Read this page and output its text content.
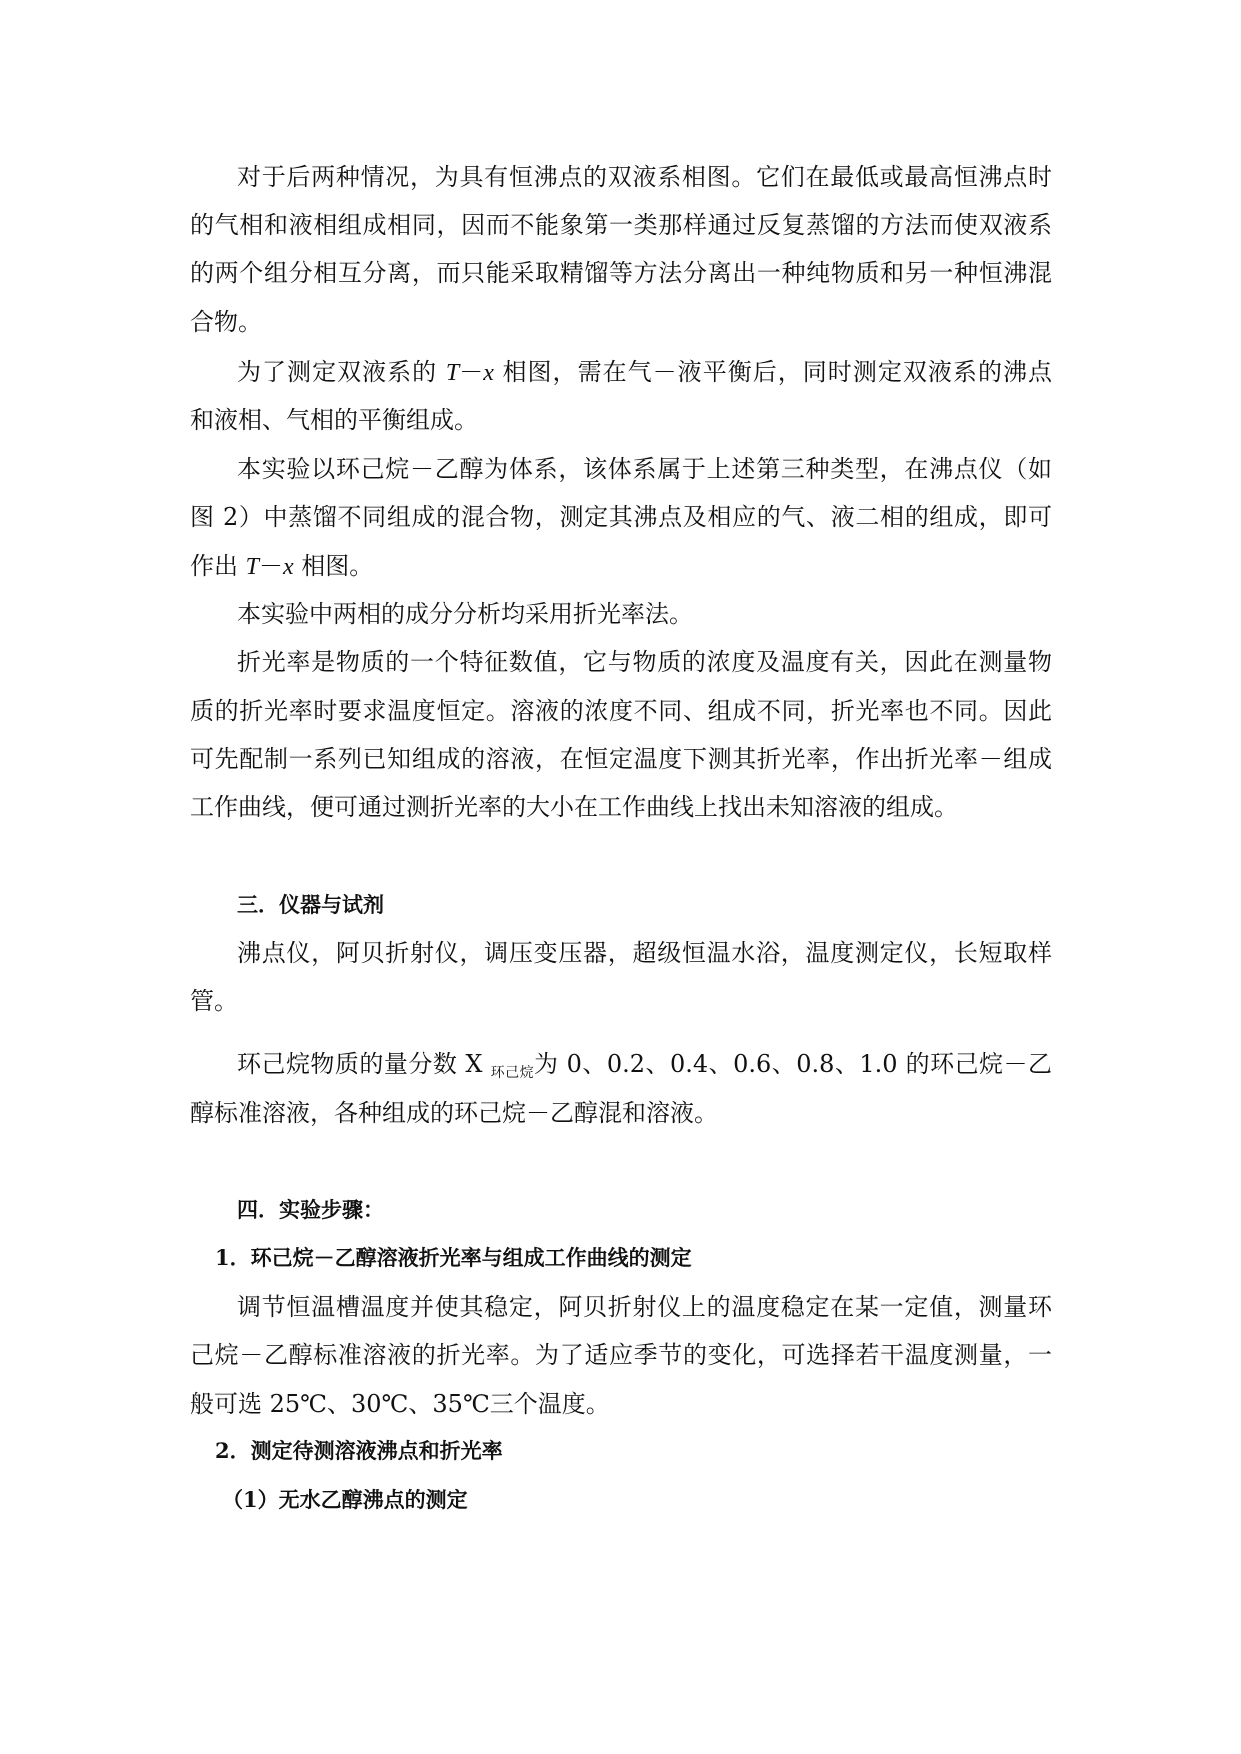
对于后两种情况，为具有恒沸点的双液系相图。它们在最低或最高恒沸点时
的气相和液相组成相同，因而不能象第一类那样通过反复蒸馏的方法而使双液系
的两个组分相互分离，而只能采取精馏等方法分离出一种纯物质和另一种恒沸混
合物。
为了测定双液系的 T－x 相图，需在气－液平衡后，同时测定双液系的沸点
和液相、气相的平衡组成。
本实验以环己烷－乙醇为体系，该体系属于上述第三种类型，在沸点仪（如
图 2）中蒸馏不同组成的混合物，测定其沸点及相应的气、液二相的组成，即可
作出 T－x 相图。
本实验中两相的成分分析均采用折光率法。
折光率是物质的一个特征数值，它与物质的浓度及温度有关，因此在测量物
质的折光率时要求温度恒定。溶液的浓度不同、组成不同，折光率也不同。因此
可先配制一系列已知组成的溶液，在恒定温度下测其折光率，作出折光率－组成
工作曲线，便可通过测折光率的大小在工作曲线上找出未知溶液的组成。
三．仪器与试剂
沸点仪，阿贝折射仪，调压变压器，超级恒温水浴，温度测定仪，长短取样
管。
环己烷物质的量分数 X $_{环己烷}$为 0、0.2、0.4、0.6、0.8、1.0 的环己烷－乙
醇标准溶液，各种组成的环己烷－乙醇混和溶液。
四．实验步骤：
1．环己烷－乙醇溶液折光率与组成工作曲线的测定
调节恒温槽温度并使其稳定，阿贝折射仪上的温度稳定在某一定值，测量环
己烷－乙醇标准溶液的折光率。为了适应季节的变化，可选择若干温度测量，一
般可选 25℃、30℃、35℃三个温度。
2．测定待测溶液沸点和折光率
（1）无水乙醇沸点的测定
